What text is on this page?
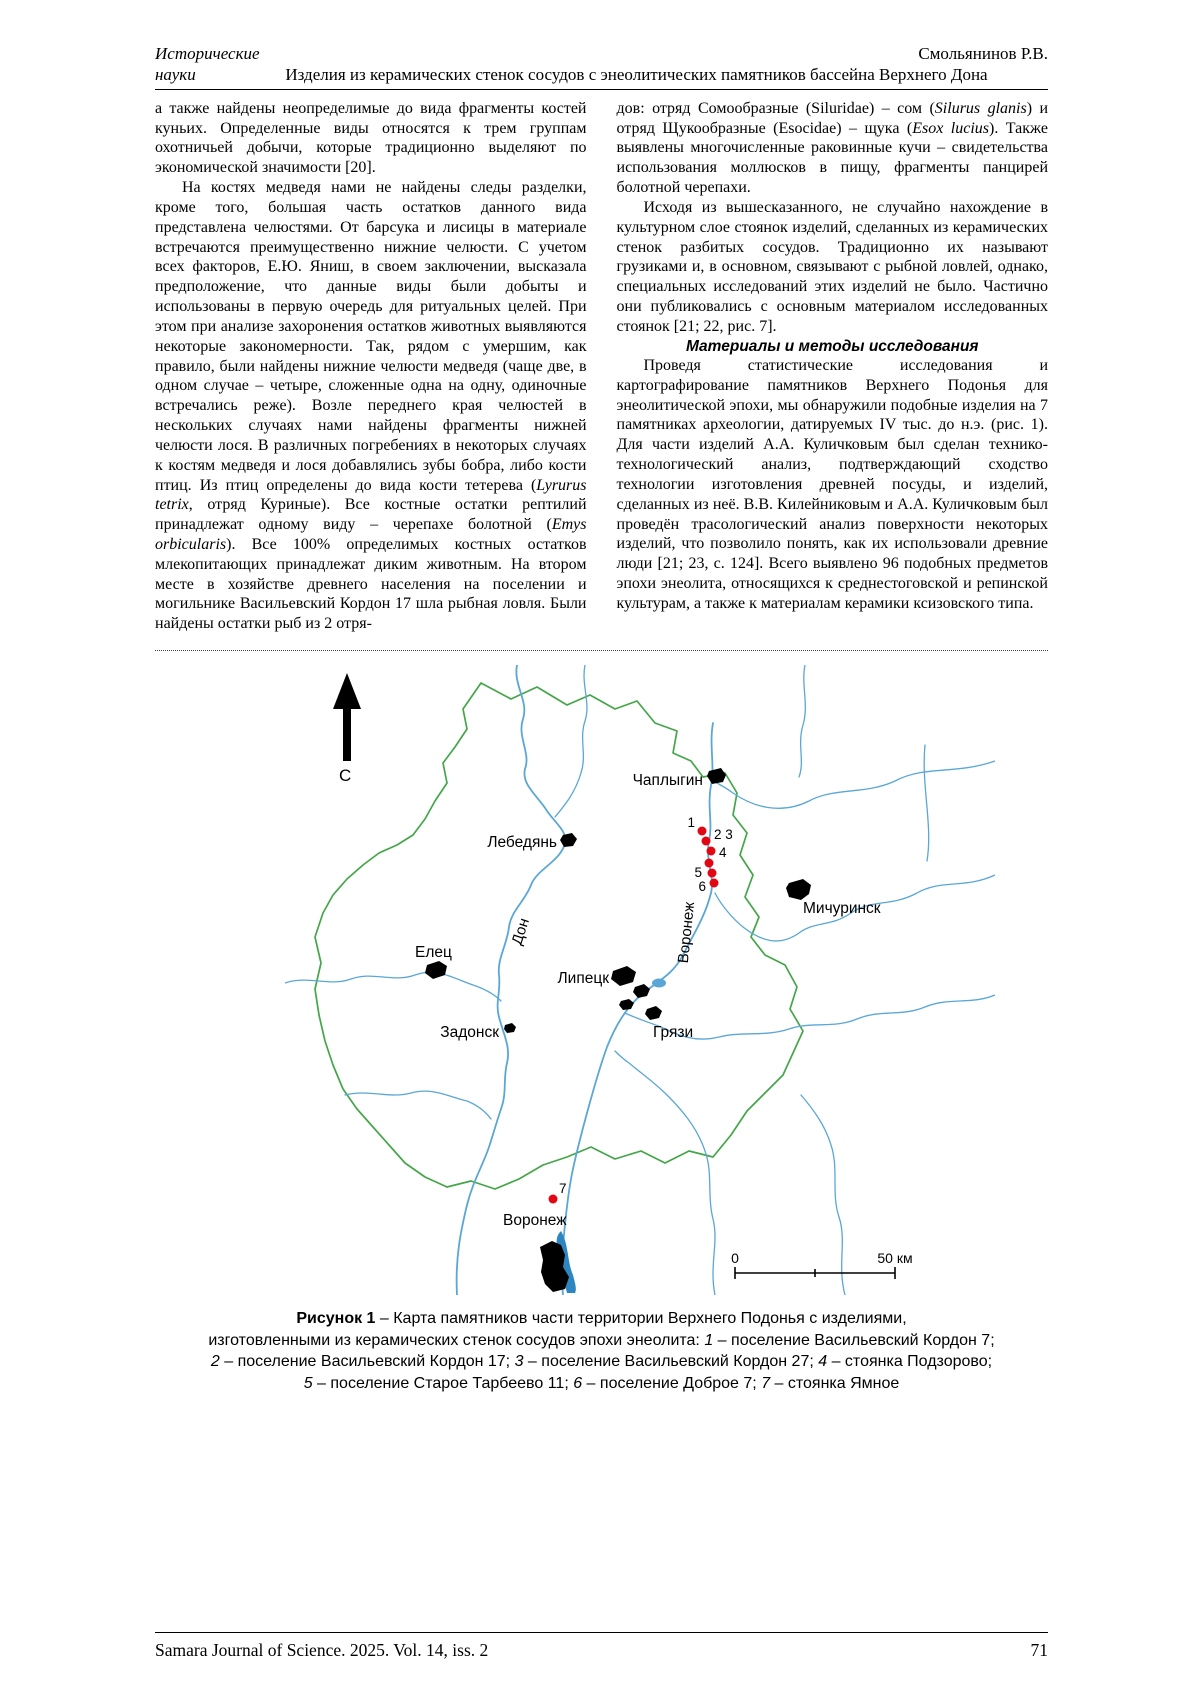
Исторические	Смольянинов Р.В.
науки	Изделия из керамических стенок сосудов с энеолитических памятников бассейна Верхнего Дона

а также найдены неопределимые до вида фрагменты костей куньих. Определенные виды относятся к трем группам охотничьей добычи, которые традиционно выделяют по экономической значимости [20].

На костях медведя нами не найдены следы разделки, кроме того, большая часть остатков данного вида представлена челюстями. От барсука и лисицы в материале встречаются преимущественно нижние челюсти. С учетом всех факторов, Е.Ю. Яниш, в своем заключении, высказала предположение, что данные виды были добыты и использованы в первую очередь для ритуальных целей. При этом при анализе захоронения остатков животных выявляются некоторые закономерности. Так, рядом с умершим, как правило, были найдены нижние челюсти медведя (чаще две, в одном случае – четыре, сложенные одна на одну, одиночные встречались реже). Возле переднего края челюстей в нескольких случаях нами найдены фрагменты нижней челюсти лося. В различных погребениях в некоторых случаях к костям медведя и лося добавлялись зубы бобра, либо кости птиц. Из птиц определены до вида кости тетерева (Lyrurus tetrix, отряд Куриные). Все костные остатки рептилий принадлежат одному виду – черепахе болотной (Emys orbicularis). Все 100% определимых костных остатков млекопитающих принадлежат диким животным. На втором месте в хозяйстве древнего населения на поселении и могильнике Васильевский Кордон 17 шла рыбная ловля. Были найдены остатки рыб из 2 отря-

дов: отряд Сомообразные (Siluridae) – сом (Silurus glanis) и отряд Щукообразные (Esocidae) – щука (Esox lucius). Также выявлены многочисленные раковинные кучи – свидетельства использования моллюсков в пищу, фрагменты панцирей болотной черепахи.

Исходя из вышесказанного, не случайно нахождение в культурном слое стоянок изделий, сделанных из керамических стенок разбитых сосудов. Традиционно их называют грузиками и, в основном, связывают с рыбной ловлей, однако, специальных исследований этих изделий не было. Частично они публиковались с основным материалом исследованных стоянок [21; 22, рис. 7].

Материалы и методы исследования

Проведя статистические исследования и картографирование памятников Верхнего Подонья для энеолитической эпохи, мы обнаружили подобные изделия на 7 памятниках археологии, датируемых IV тыс. до н.э. (рис. 1). Для части изделий А.А. Куличковым был сделан технико-технологический анализ, подтверждающий сходство технологии изготовления древней посуды, и изделий, сделанных из неё. В.В. Килейниковым и А.А. Куличковым был проведён трасологический анализ поверхности некоторых изделий, что позволило понять, как их использовали древние люди [21; 23, с. 124]. Всего выявлено 96 подобных предметов эпохи энеолита, относящихся к среднестоговской и репинской культурам, а также к материалам керамики ксизовского типа.

С
Дон	Воронеж
Чаплыгин
Лебедянь
Мичуринск
Елец
Липецк
Грязи
Задонск
Воронеж
1
2 3
4
5
6
7
0	50 км
Рисунок 1 – Карта памятников части территории Верхнего Подонья с изделиями,
изготовленными из керамических стенок сосудов эпохи энеолита: 1 – поселение Васильевский Кордон 7;
2 – поселение Васильевский Кордон 17; 3 – поселение Васильевский Кордон 27; 4 – стоянка Подзорово;
5 – поселение Старое Тарбеево 11; 6 – поселение Доброе 7; 7 – стоянка Ямное
Samara Journal of Science. 2025. Vol. 14, iss. 2	71
